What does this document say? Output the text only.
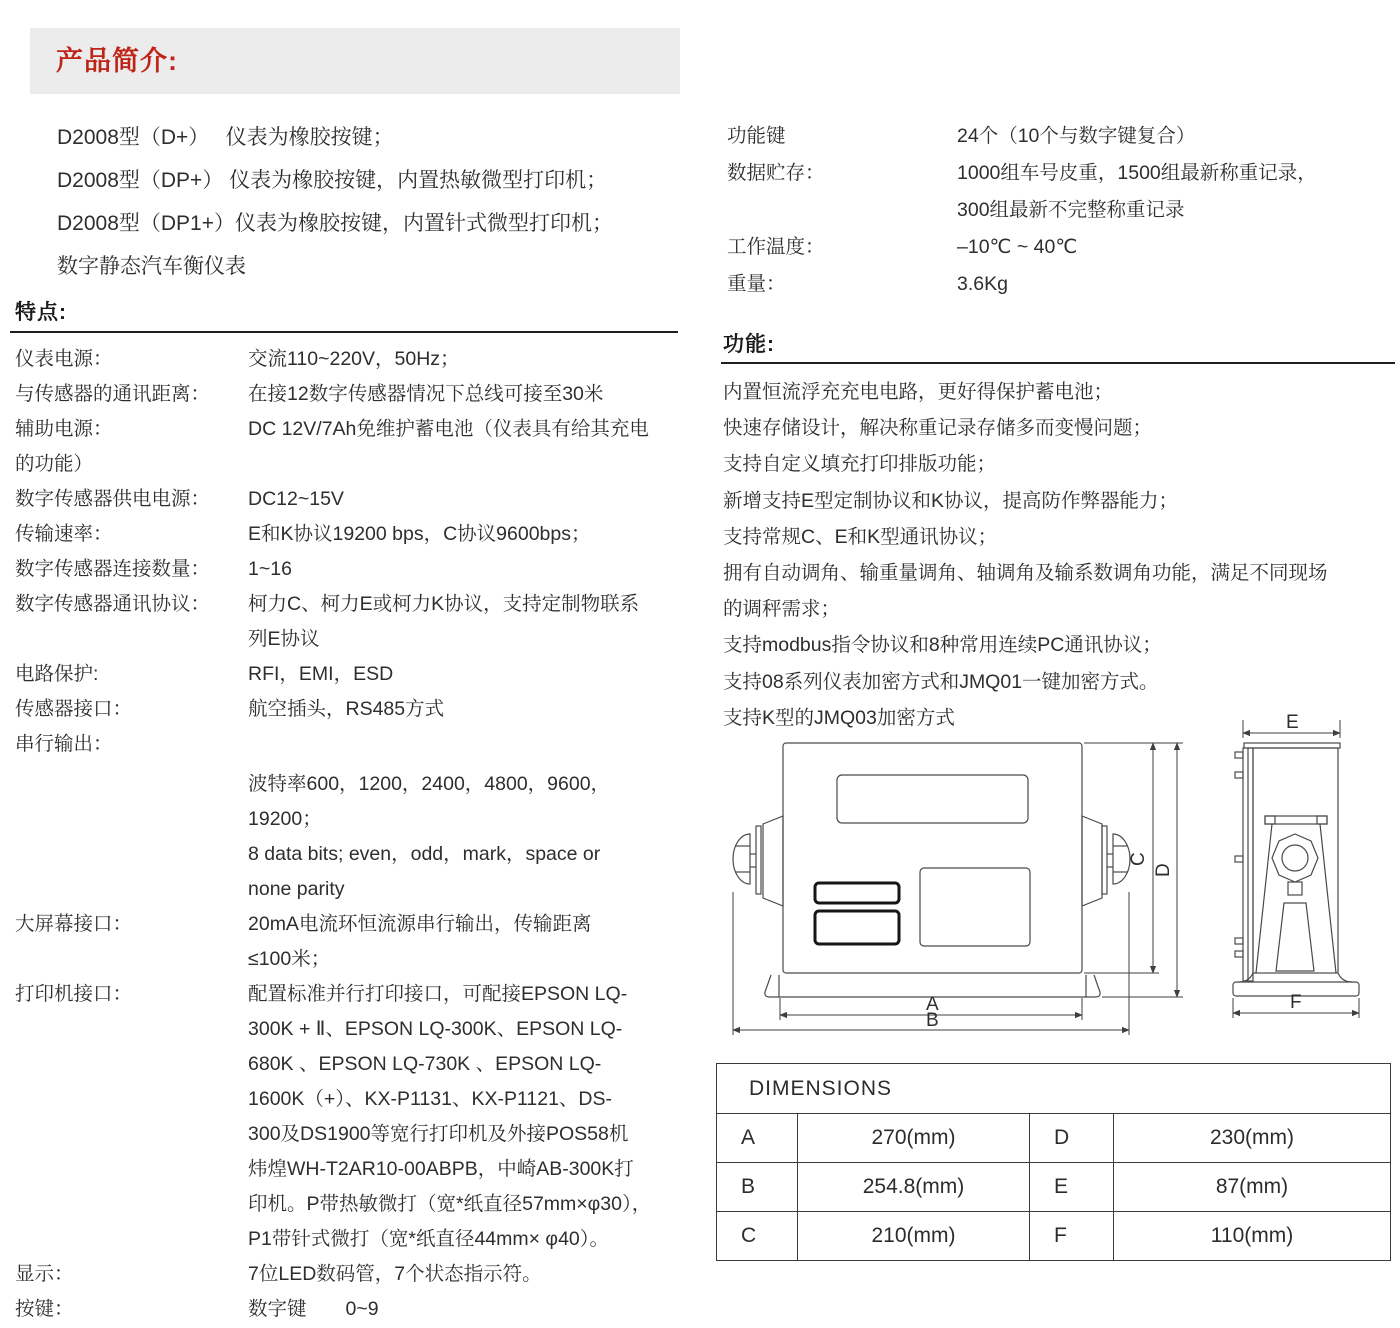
产品简介:
D2008型（D+）　 仪表为橡胶按键；
D2008型（DP+） 仪表为橡胶按键，内置热敏微型打印机；
D2008型（DP1+）仪表为橡胶按键，内置针式微型打印机；
数字静态汽车衡仪表
特点:
仪表电源：	交流110~220V，50Hz；
与传感器的通讯距离：	在接12数字传感器情况下总线可接至30米
辅助电源：	DC 12V/7Ah免维护蓄电池（仪表具有给其充电
的功能）
数字传感器供电电源：	DC12~15V
传输速率：	E和K协议19200 bps，C协议9600bps；
数字传感器连接数量：	1~16
数字传感器通讯协议：	柯力C、柯力E或柯力K协议，支持定制物联系
列E协议
电路保护:	RFI，EMI，ESD
传感器接口：	航空插头，RS485方式
串行输出：
波特率600，1200，2400，4800，9600，
19200；
8 data bits; even，odd，mark，space or
none parity
大屏幕接口：	20mA电流环恒流源串行输出，传输距离
≤100米；
打印机接口：	配置标准并行打印接口，可配接EPSON LQ-
300K + Ⅱ、EPSON LQ-300K、EPSON LQ-
680K 、EPSON LQ-730K 、EPSON LQ-
1600K（+）、KX-P1131、KX-P1121、DS-
300及DS1900等宽行打印机及外接POS58机
炜煌WH-T2AR10-00ABPB，中崎AB-300K打
印机。P带热敏微打（宽*纸直径57mm×φ30），
P1带针式微打（宽*纸直径44mm× φ40）。
显示：	7位LED数码管，7个状态指示符。
按键：	数字键　　0~9
功能键	24个（10个与数字键复合）
数据贮存：	1000组车号皮重，1500组最新称重记录，
300组最新不完整称重记录
工作温度：	–10℃ ~ 40℃
重量：	3.6Kg
功能:
内置恒流浮充充电电路，更好得保护蓄电池；
快速存储设计，解决称重记录存储多而变慢问题；
支持自定义填充打印排版功能；
新增支持E型定制协议和K协议，提高防作弊器能力；
支持常规C、E和K型通讯协议；
拥有自动调角、输重量调角、轴调角及输系数调角功能，满足不同现场
的调秤需求；
支持modbus指令协议和8种常用连续PC通讯协议；
支持08系列仪表加密方式和JMQ01一键加密方式。
支持K型的JMQ03加密方式
A
B
C
D
E
F
DIMENSIONS			
A	270(mm)	D	230(mm)
B	254.8(mm)	E	87(mm)
C	210(mm)	F	110(mm)
